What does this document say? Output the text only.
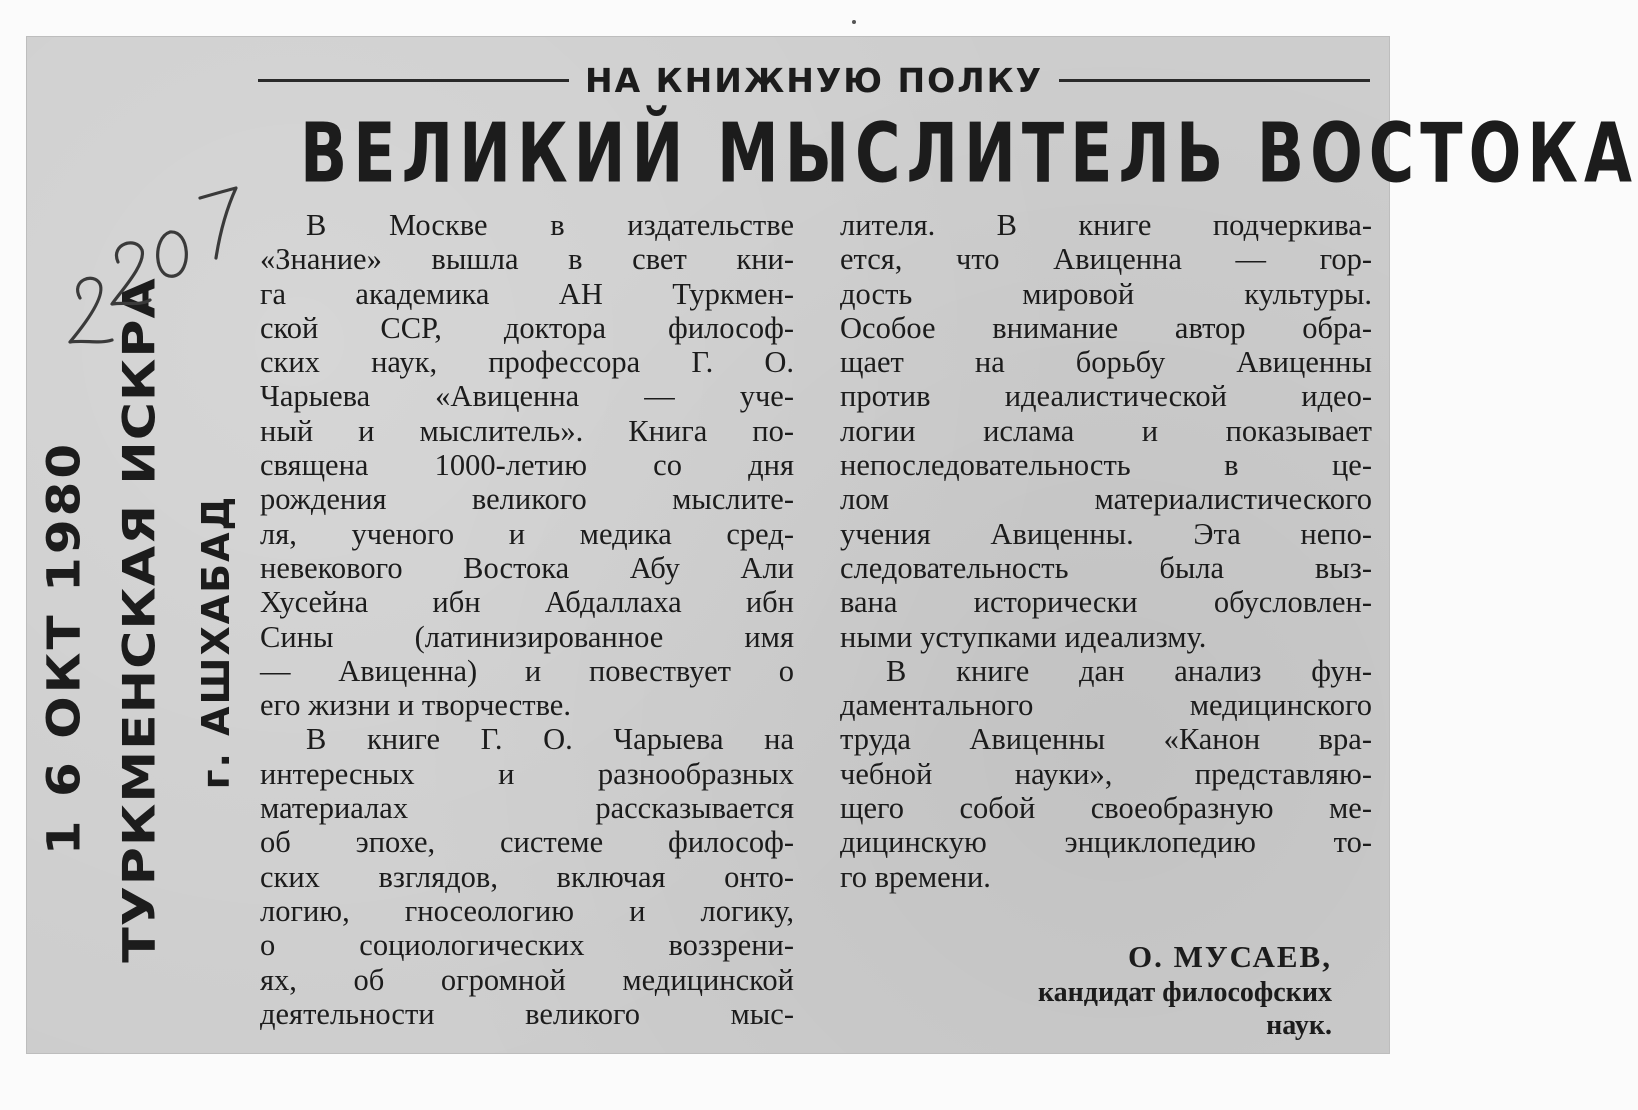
НА КНИЖНУЮ ПОЛКУ
ВЕЛИКИЙ МЫСЛИТЕЛЬ ВОСТОКА
В Москве в издательстве
«Знание» вышла в свет кни-
га академика АН Туркмен-
ской ССР, доктора философ-
ских наук, профессора Г. О.
Чарыева «Авиценна — уче-
ный и мыслитель». Книга по-
священа 1000-летию со дня
рождения великого мыслите-
ля, ученого и медика сред-
невекового Востока Абу Али
Хусейна ибн Абдаллаха ибн
Сины (латинизированное имя
— Авиценна) и повествует о
его жизни и творчестве.
В книге Г. О. Чарыева на
интересных и разнообразных
материалах рассказывается
об эпохе, системе философ-
ских взглядов, включая онто-
логию, гносеологию и логику,
о социологических воззрени-
ях, об огромной медицинской
деятельности великого мыс-
лителя. В книге подчеркива-
ется, что Авиценна — гор-
дость мировой культуры.
Особое внимание автор обра-
щает на борьбу Авиценны
против идеалистической идео-
логии ислама и показывает
непоследовательность в це-
лом материалистического
учения Авиценны. Эта непо-
следовательность была выз-
вана исторически обусловлен-
ными уступками идеализму.
В книге дан анализ фун-
даментального медицинского
труда Авиценны «Канон вра-
чебной науки», представляю-
щего собой своеобразную ме-
дицинскую энциклопедию то-
го времени.
О. МУСАЕВ,
кандидат философских
наук.
1 6 ОКТ 1980 ТУРКМЕНСКАЯ ИСКРА г. АШХАБАД
